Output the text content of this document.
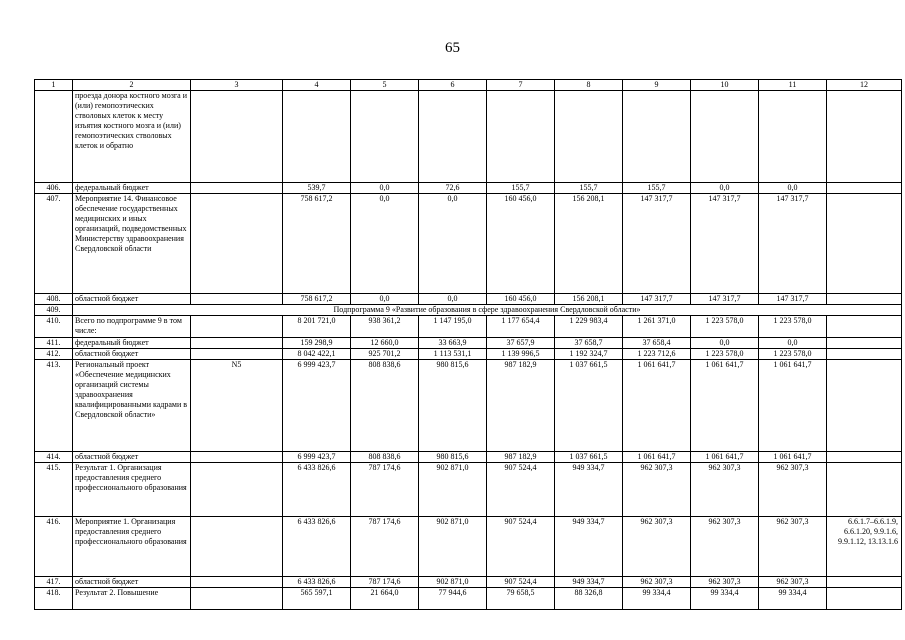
65
1	2	3	4	5	6	7	8	9	10	11	12
	проезда донора костного мозга и (или) гемопоэтических стволовых клеток к месту изъятия костного мозга и (или) гемопоэтических стволовых клеток и обратно										
406.	федеральный бюджет		539,7	0,0	72,6	155,7	155,7	155,7	0,0	0,0	
407.	Мероприятие 14. Финансовое обеспечение государственных медицинских и иных организаций, подведомственных Министерству здравоохранения Свердловской области		758 617,2	0,0	0,0	160 456,0	156 208,1	147 317,7	147 317,7	147 317,7	
408.	областной бюджет		758 617,2	0,0	0,0	160 456,0	156 208,1	147 317,7	147 317,7	147 317,7	
409.	Подпрограмма 9 «Развитие образования в сфере здравоохранения Свердловской области»										
410.	Всего по подпрограмме 9 в том числе:		8 201 721,0	938 361,2	1 147 195,0	1 177 654,4	1 229 983,4	1 261 371,0	1 223 578,0	1 223 578,0	
411.	федеральный бюджет		159 298,9	12 660,0	33 663,9	37 657,9	37 658,7	37 658,4	0,0	0,0	
412.	областной бюджет		8 042 422,1	925 701,2	1 113 531,1	1 139 996,5	1 192 324,7	1 223 712,6	1 223 578,0	1 223 578,0	
413.	Региональный проект «Обеспечение медицинских организаций системы здравоохранения квалифицированными кадрами в Свердловской области»	N5	6 999 423,7	808 838,6	980 815,6	987 182,9	1 037 661,5	1 061 641,7	1 061 641,7	1 061 641,7	
414.	областной бюджет		6 999 423,7	808 838,6	980 815,6	987 182,9	1 037 661,5	1 061 641,7	1 061 641,7	1 061 641,7	
415.	Результат 1. Организация предоставления среднего профессионального образования		6 433 826,6	787 174,6	902 871,0	907 524,4	949 334,7	962 307,3	962 307,3	962 307,3	
416.	Мероприятие 1. Организация предоставления среднего профессионального образования		6 433 826,6	787 174,6	902 871,0	907 524,4	949 334,7	962 307,3	962 307,3	962 307,3	6.6.1.7–6.6.1.9, 6.6.1.20, 9.9.1.6, 9.9.1.12, 13.13.1.6
417.	областной бюджет		6 433 826,6	787 174,6	902 871,0	907 524,4	949 334,7	962 307,3	962 307,3	962 307,3	
418.	Результат 2. Повышение		565 597,1	21 664,0	77 944,6	79 658,5	88 326,8	99 334,4	99 334,4	99 334,4	
